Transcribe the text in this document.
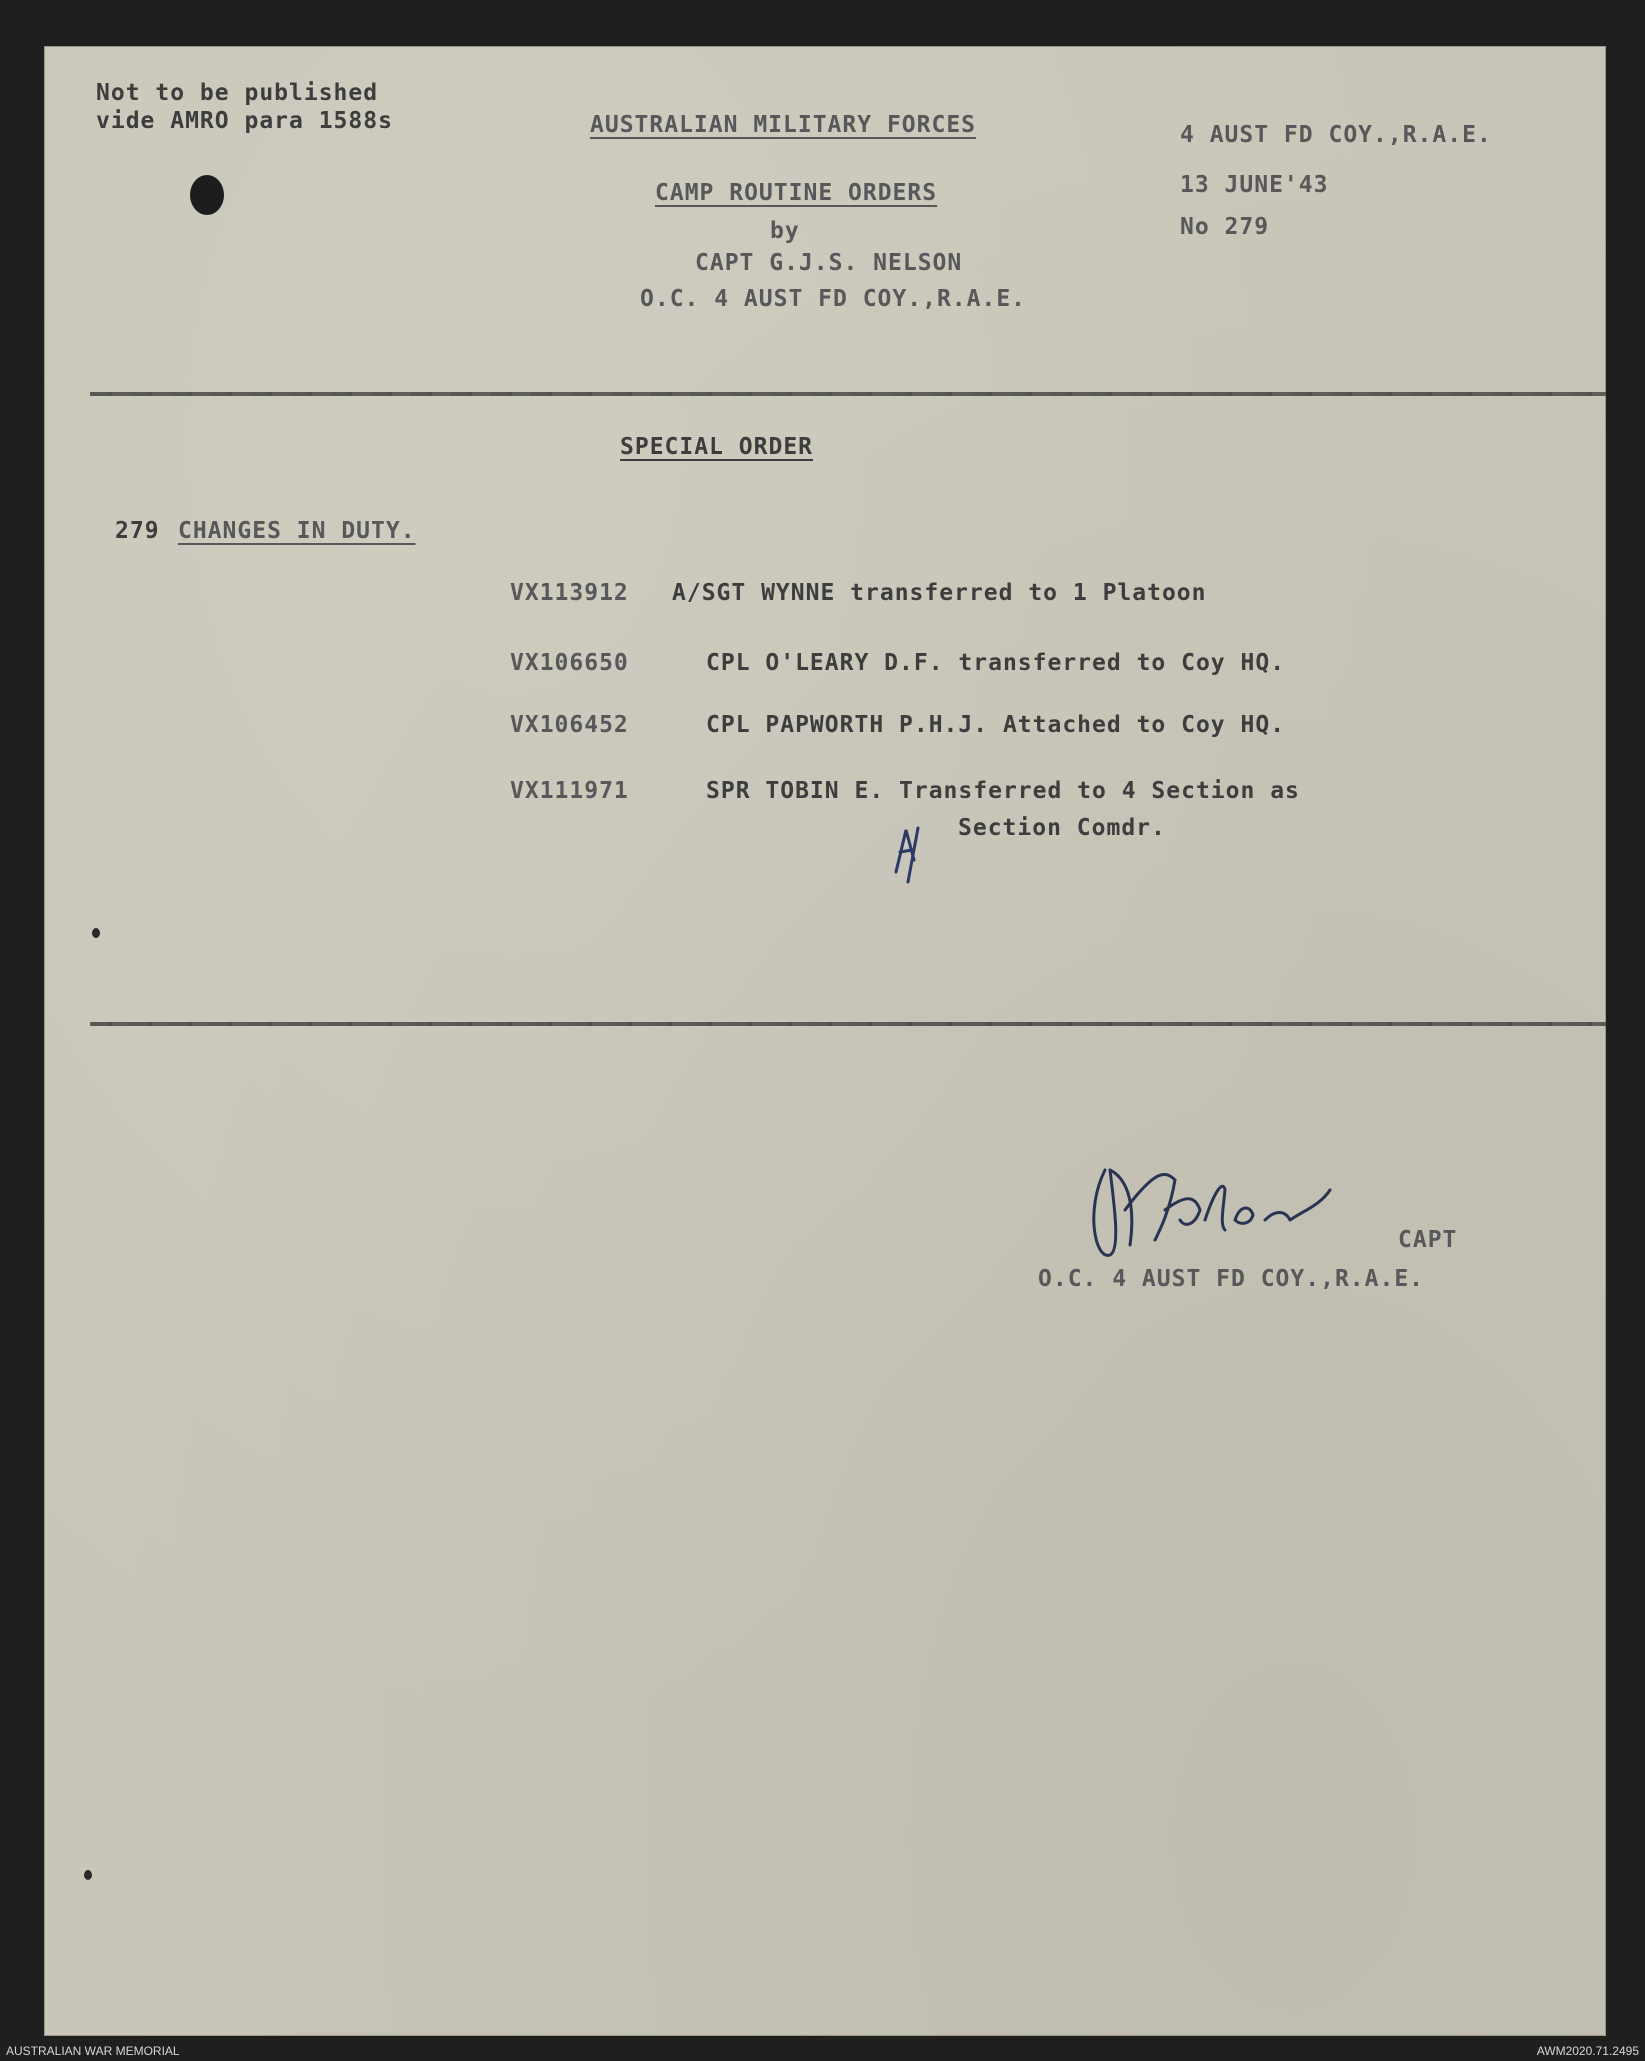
Not to be published
vide AMRO para 1588s	AUSTRALIAN MILITARY FORCES
CAMP ROUTINE ORDERS
by
CAPT G.J.S. NELSON
O.C. 4 AUST FD COY.,R.A.E.
4 AUST FD COY.,R.A.E.
13 JUNE'43
No 279
SPECIAL ORDER
279 CHANGES IN DUTY.
VX113912 A/SGT WYNNE transferred to 1 Platoon
VX106650	CPL O'LEARY D.F. transferred to Coy HQ.
VX106452	CPL PAPWORTH P.H.J. Attached to Coy HQ.
VX111971	SPR TOBIN E. Transferred to 4 Section as
Section Comdr.
CAPT
O.C. 4 AUST FD COY.,R.A.E.
AUSTRALIAN WAR MEMORIAL	AWM2020.71.2495
